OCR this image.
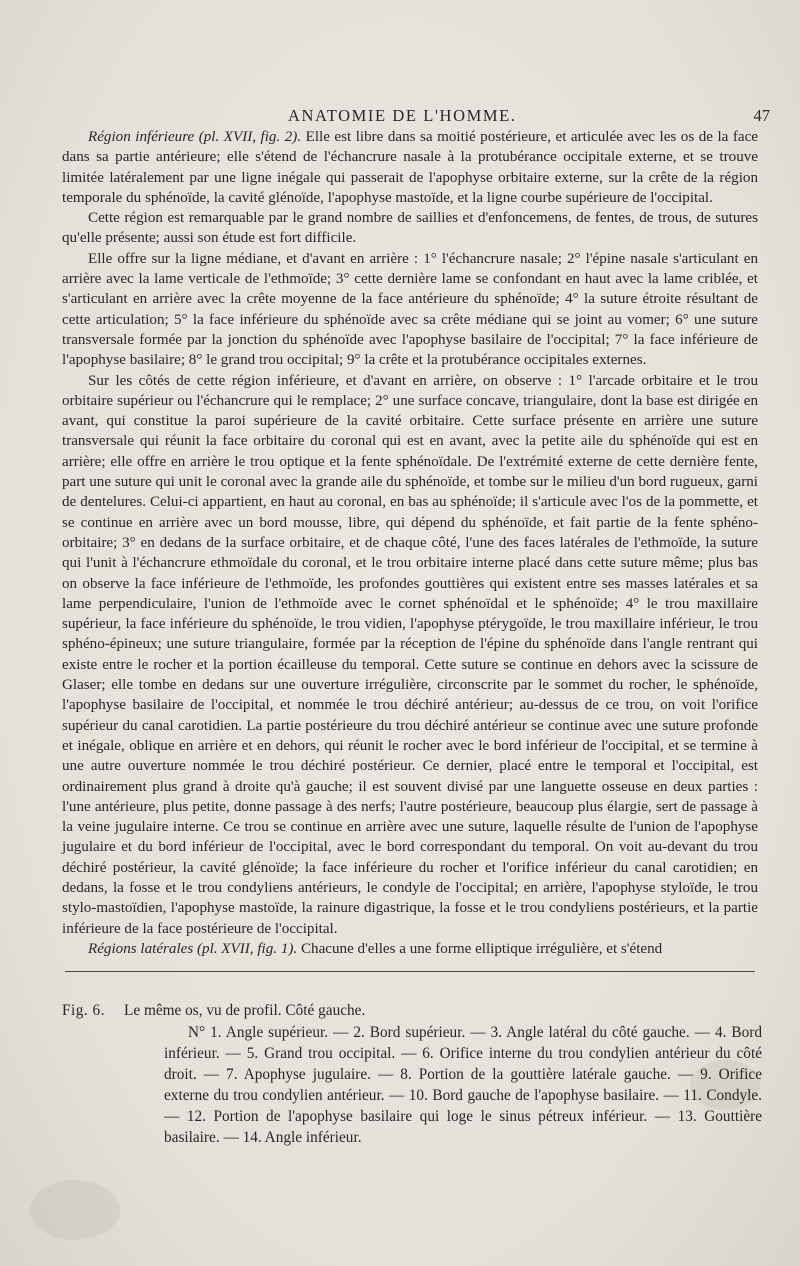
ANATOMIE DE L'HOMME.	47

Région inférieure (pl. XVII, fig. 2). Elle est libre dans sa moitié postérieure, et articulée avec les os de la face dans sa partie antérieure; elle s'étend de l'échancrure nasale à la protubérance occipitale externe, et se trouve limitée latéralement par une ligne inégale qui passerait de l'apophyse orbitaire externe, sur la crête de la région temporale du sphénoïde, la cavité glénoïde, l'apophyse mastoïde, et la ligne courbe supérieure de l'occipital.

Cette région est remarquable par le grand nombre de saillies et d'enfoncemens, de fentes, de trous, de sutures qu'elle présente; aussi son étude est fort difficile.

Elle offre sur la ligne médiane, et d'avant en arrière : 1° l'échancrure nasale; 2° l'épine nasale s'articulant en arrière avec la lame verticale de l'ethmoïde; 3° cette dernière lame se confondant en haut avec la lame criblée, et s'articulant en arrière avec la crête moyenne de la face antérieure du sphénoïde; 4° la suture étroite résultant de cette articulation; 5° la face inférieure du sphénoïde avec sa crête médiane qui se joint au vomer; 6° une suture transversale formée par la jonction du sphénoïde avec l'apophyse basilaire de l'occipital; 7° la face inférieure de l'apophyse basilaire; 8° le grand trou occipital; 9° la crête et la protubérance occipitales externes.

Sur les côtés de cette région inférieure, et d'avant en arrière, on observe : 1° l'arcade orbitaire et le trou orbitaire supérieur ou l'échancrure qui le remplace; 2° une surface concave, triangulaire, dont la base est dirigée en avant, qui constitue la paroi supérieure de la cavité orbitaire. Cette surface présente en arrière une suture transversale qui réunit la face orbitaire du coronal qui est en avant, avec la petite aile du sphénoïde qui est en arrière; elle offre en arrière le trou optique et la fente sphénoïdale. De l'extrémité externe de cette dernière fente, part une suture qui unit le coronal avec la grande aile du sphénoïde, et tombe sur le milieu d'un bord rugueux, garni de dentelures. Celui-ci appartient, en haut au coronal, en bas au sphénoïde; il s'articule avec l'os de la pommette, et se continue en arrière avec un bord mousse, libre, qui dépend du sphénoïde, et fait partie de la fente sphéno-orbitaire; 3° en dedans de la surface orbitaire, et de chaque côté, l'une des faces latérales de l'ethmoïde, la suture qui l'unit à l'échancrure ethmoïdale du coronal, et le trou orbitaire interne placé dans cette suture même; plus bas on observe la face inférieure de l'ethmoïde, les profondes gouttières qui existent entre ses masses latérales et sa lame perpendiculaire, l'union de l'ethmoïde avec le cornet sphénoïdal et le sphénoïde; 4° le trou maxillaire supérieur, la face inférieure du sphénoïde, le trou vidien, l'apophyse ptérygoïde, le trou maxillaire inférieur, le trou sphéno-épineux; une suture triangulaire, formée par la réception de l'épine du sphénoïde dans l'angle rentrant qui existe entre le rocher et la portion écailleuse du temporal. Cette suture se continue en dehors avec la scissure de Glaser; elle tombe en dedans sur une ouverture irrégulière, circonscrite par le sommet du rocher, le sphénoïde, l'apophyse basilaire de l'occipital, et nommée le trou déchiré antérieur; au-dessus de ce trou, on voit l'orifice supérieur du canal carotidien. La partie postérieure du trou déchiré antérieur se continue avec une suture profonde et inégale, oblique en arrière et en dehors, qui réunit le rocher avec le bord inférieur de l'occipital, et se termine à une autre ouverture nommée le trou déchiré postérieur. Ce dernier, placé entre le temporal et l'occipital, est ordinairement plus grand à droite qu'à gauche; il est souvent divisé par une languette osseuse en deux parties : l'une antérieure, plus petite, donne passage à des nerfs; l'autre postérieure, beaucoup plus élargie, sert de passage à la veine jugulaire interne. Ce trou se continue en arrière avec une suture, laquelle résulte de l'union de l'apophyse jugulaire et du bord inférieur de l'occipital, avec le bord correspondant du temporal. On voit au-devant du trou déchiré postérieur, la cavité glénoïde; la face inférieure du rocher et l'orifice inférieur du canal carotidien; en dedans, la fosse et le trou condyliens antérieurs, le condyle de l'occipital; en arrière, l'apophyse styloïde, le trou stylo-mastoïdien, l'apophyse mastoïde, la rainure digastrique, la fosse et le trou condyliens postérieurs, et la partie inférieure de la face postérieure de l'occipital.

Régions latérales (pl. XVII, fig. 1). Chacune d'elles a une forme elliptique irrégulière, et s'étend

Fig. 6. Le même os, vu de profil. Côté gauche.
N° 1. Angle supérieur. — 2. Bord supérieur. — 3. Angle latéral du côté gauche. — 4. Bord inférieur. — 5. Grand trou occipital. — 6. Orifice interne du trou condylien antérieur du côté droit. — 7. Apophyse jugulaire. — 8. Portion de la gouttière latérale gauche. — 9. Orifice externe du trou condylien antérieur. — 10. Bord gauche de l'apophyse basilaire. — 11. Condyle. — 12. Portion de l'apophyse basilaire qui loge le sinus pétreux inférieur. — 13. Gouttière basilaire. — 14. Angle inférieur.
